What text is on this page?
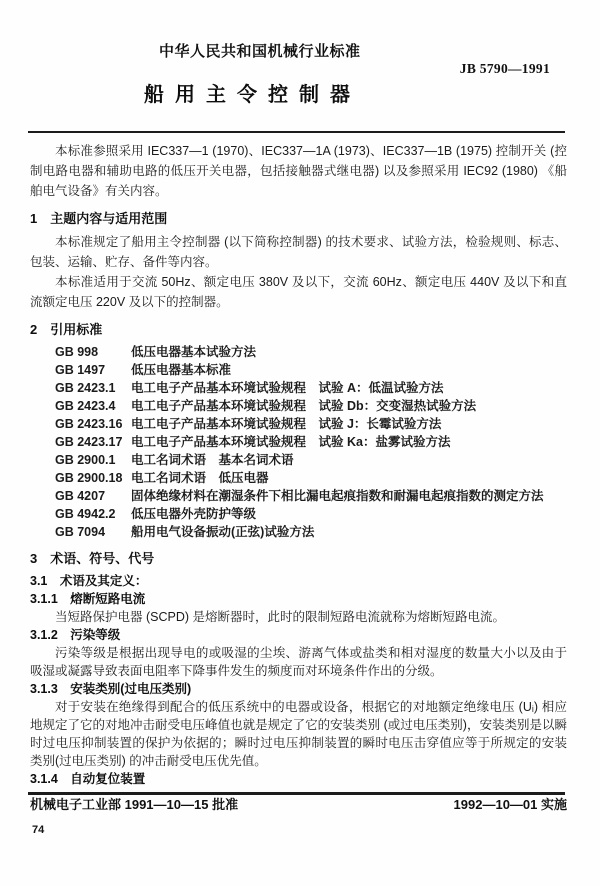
中华人民共和国机械行业标准
JB 5790—1991
船用主令控制器

本标准参照采用 IEC337—1 (1970)、IEC337—1A (1973)、IEC337—1B (1975) 控制开关 (控制电路电器和辅助电路的低压开关电器，包括接触器式继电器) 以及参照采用 IEC92 (1980) 《船舶电气设备》有关内容。

1　主题内容与适用范围

本标准规定了船用主令控制器 (以下简称控制器) 的技术要求、试验方法，检验规则、标志、包装、运输、贮存、备件等内容。

本标准适用于交流 50Hz、额定电压 380V 及以下，交流 60Hz、额定电压 440V 及以下和直流额定电压 220V 及以下的控制器。

2　引用标准
GB 998	低压电器基本试验方法
GB 1497	低压电器基本标准
GB 2423.1	电工电子产品基本环境试验规程　试验 A：低温试验方法
GB 2423.4	电工电子产品基本环境试验规程　试验 Db：交变湿热试验方法
GB 2423.16 电工电子产品基本环境试验规程　试验 J：长霉试验方法
GB 2423.17 电工电子产品基本环境试验规程　试验 Ka：盐雾试验方法
GB 2900.1	电工名词术语　基本名词术语
GB 2900.18 电工名词术语　低压电器
GB 4207	固体绝缘材料在潮湿条件下相比漏电起痕指数和耐漏电起痕指数的测定方法
GB 4942.2	低压电器外壳防护等级
GB 7094	船用电气设备振动(正弦)试验方法
3　术语、符号、代号
3.1　术语及其定义：
3.1.1　熔断短路电流

当短路保护电器 (SCPD) 是熔断器时，此时的限制短路电流就称为熔断短路电流。

3.1.2　污染等级

污染等级是根据出现导电的或吸湿的尘埃、游离气体或盐类和相对湿度的数量大小以及由于吸湿或凝露导致表面电阻率下降事件发生的频度而对环境条件作出的分级。

3.1.3　安装类别(过电压类别)

对于安装在绝缘得到配合的低压系统中的电器或设备，根据它的对地额定绝缘电压 (Uᵢ) 相应地规定了它的对地冲击耐受电压峰值也就是规定了它的安装类别 (或过电压类别)，安装类别是以瞬时过电压抑制装置的保护为依据的；瞬时过电压抑制装置的瞬时电压击穿值应等于所规定的安装类别(过电压类别) 的冲击耐受电压优先值。

3.1.4　自动复位装置
机械电子工业部 1991—10—15 批准	1992—10—01 实施
74
